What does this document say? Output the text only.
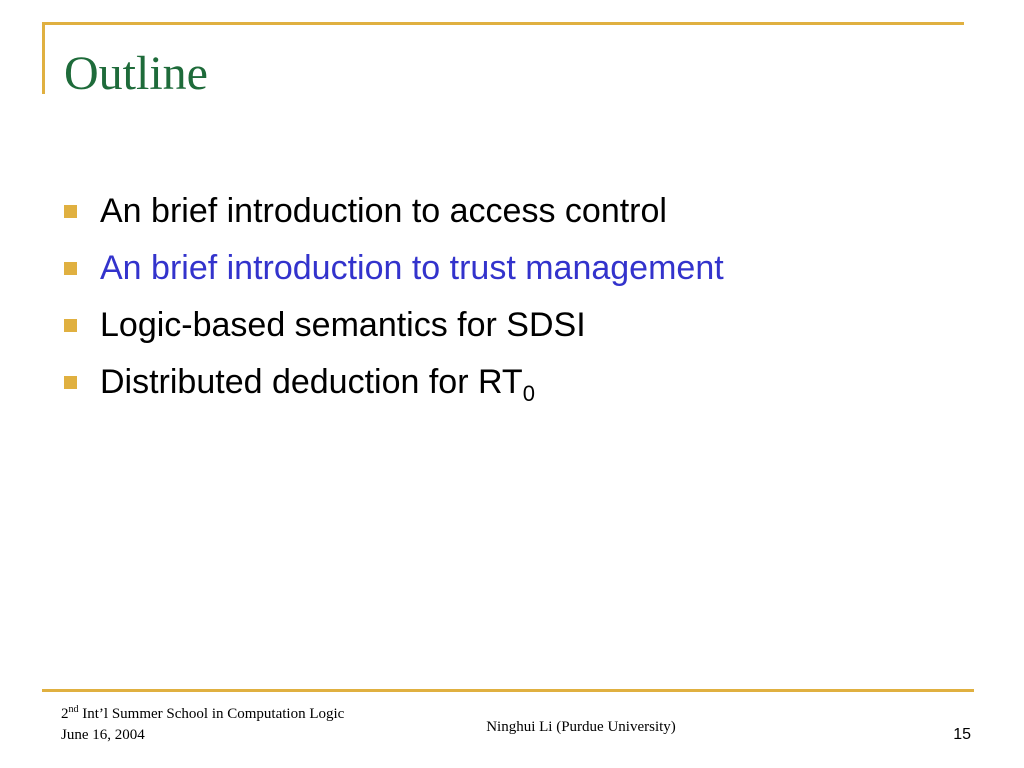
Outline
An brief introduction to access control
An brief introduction to trust management
Logic-based semantics for SDSI
Distributed deduction for $RT_0$
2nd Int’l Summer School in Computation Logic
June 16, 2004	Ninghui Li (Purdue University)	15
